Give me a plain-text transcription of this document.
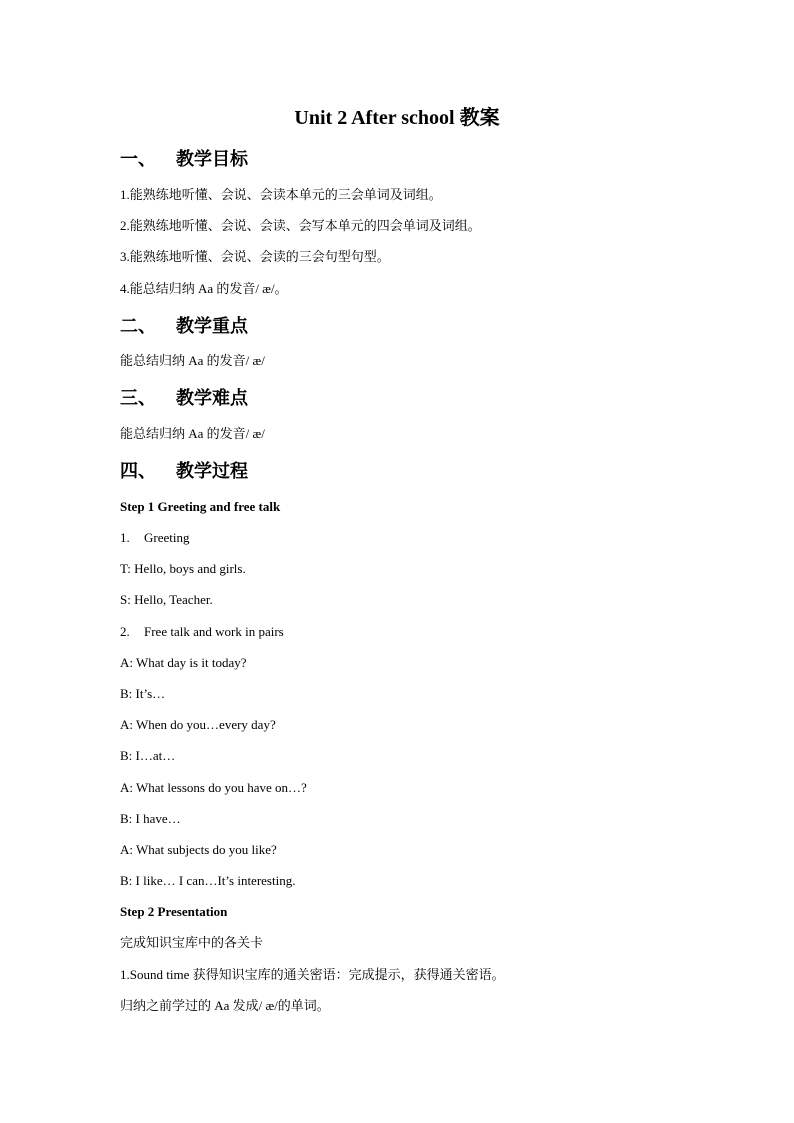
Unit 2 After school 教案
一、 教学目标
1.能熟练地听懂、会说、会读本单元的三会单词及词组。
2.能熟练地听懂、会说、会读、会写本单元的四会单词及词组。
3.能熟练地听懂、会说、会读的三会句型句型。
4.能总结归纳 Aa 的发音/ æ/。
二、 教学重点
能总结归纳 Aa 的发音/ æ/
三、 教学难点
能总结归纳 Aa 的发音/ æ/
四、 教学过程
Step 1 Greeting and free talk
1. Greeting
T: Hello, boys and girls.
S: Hello, Teacher.
2. Free talk and work in pairs
A: What day is it today?
B: It’s…
A: When do you…every day?
B: I…at…
A: What lessons do you have on…?
B: I have…
A: What subjects do you like?
B: I like… I can…It’s interesting.
Step 2 Presentation
完成知识宝库中的各关卡
1.Sound time 获得知识宝库的通关密语：完成提示，获得通关密语。
归纳之前学过的 Aa 发成/ æ/的单词。
